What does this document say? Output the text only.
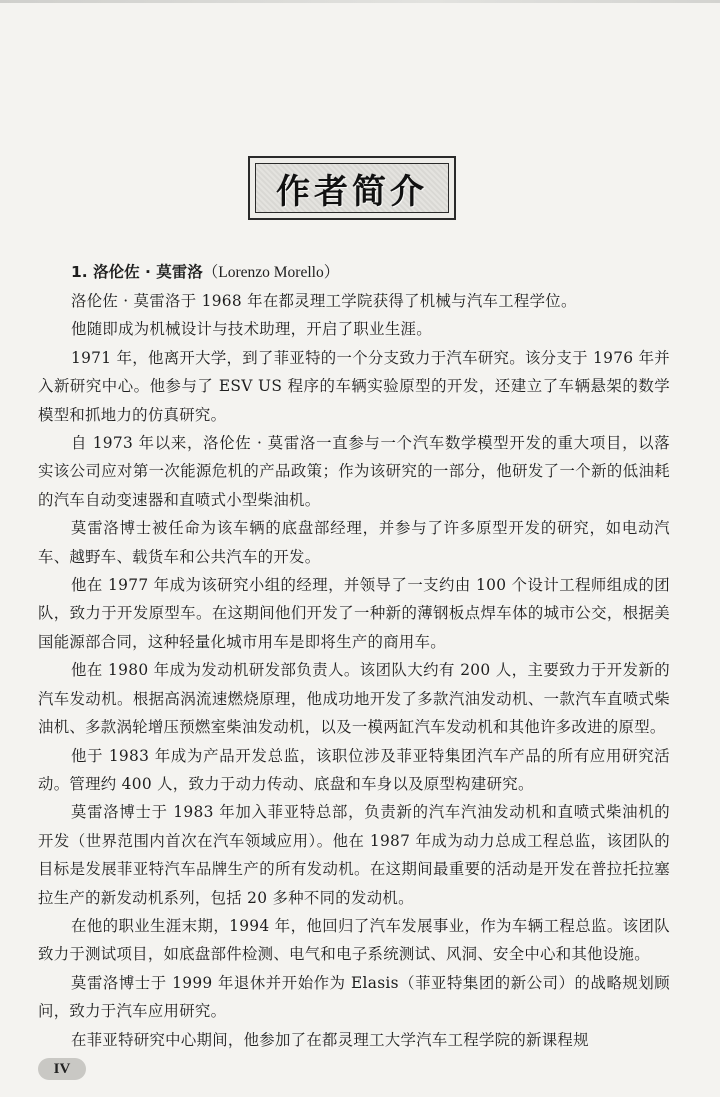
作者简介

1. 洛伦佐 · 莫雷洛（Lorenzo Morello）

洛伦佐 · 莫雷洛于 1968 年在都灵理工学院获得了机械与汽车工程学位。

他随即成为机械设计与技术助理，开启了职业生涯。

1971 年，他离开大学，到了菲亚特的一个分支致力于汽车研究。该分支于 1976 年并入新研究中心。他参与了 ESV US 程序的车辆实验原型的开发，还建立了车辆悬架的数学模型和抓地力的仿真研究。

自 1973 年以来，洛伦佐 · 莫雷洛一直参与一个汽车数学模型开发的重大项目，以落实该公司应对第一次能源危机的产品政策；作为该研究的一部分，他研发了一个新的低油耗的汽车自动变速器和直喷式小型柴油机。

莫雷洛博士被任命为该车辆的底盘部经理，并参与了许多原型开发的研究，如电动汽车、越野车、载货车和公共汽车的开发。

他在 1977 年成为该研究小组的经理，并领导了一支约由 100 个设计工程师组成的团队，致力于开发原型车。在这期间他们开发了一种新的薄钢板点焊车体的城市公交，根据美国能源部合同，这种轻量化城市用车是即将生产的商用车。

他在 1980 年成为发动机研发部负责人。该团队大约有 200 人，主要致力于开发新的汽车发动机。根据高涡流速燃烧原理，他成功地开发了多款汽油发动机、一款汽车直喷式柴油机、多款涡轮增压预燃室柴油发动机，以及一模两缸汽车发动机和其他许多改进的原型。

他于 1983 年成为产品开发总监，该职位涉及菲亚特集团汽车产品的所有应用研究活动。管理约 400 人，致力于动力传动、底盘和车身以及原型构建研究。

莫雷洛博士于 1983 年加入菲亚特总部，负责新的汽车汽油发动机和直喷式柴油机的开发（世界范围内首次在汽车领域应用）。他在 1987 年成为动力总成工程总监，该团队的目标是发展菲亚特汽车品牌生产的所有发动机。在这期间最重要的活动是开发在普拉托拉塞拉生产的新发动机系列，包括 20 多种不同的发动机。

在他的职业生涯末期，1994 年，他回归了汽车发展事业，作为车辆工程总监。该团队致力于测试项目，如底盘部件检测、电气和电子系统测试、风洞、安全中心和其他设施。

莫雷洛博士于 1999 年退休并开始作为 Elasis（菲亚特集团的新公司）的战略规划顾问，致力于汽车应用研究。

在菲亚特研究中心期间，他参加了在都灵理工大学汽车工程学院的新课程规

IV
